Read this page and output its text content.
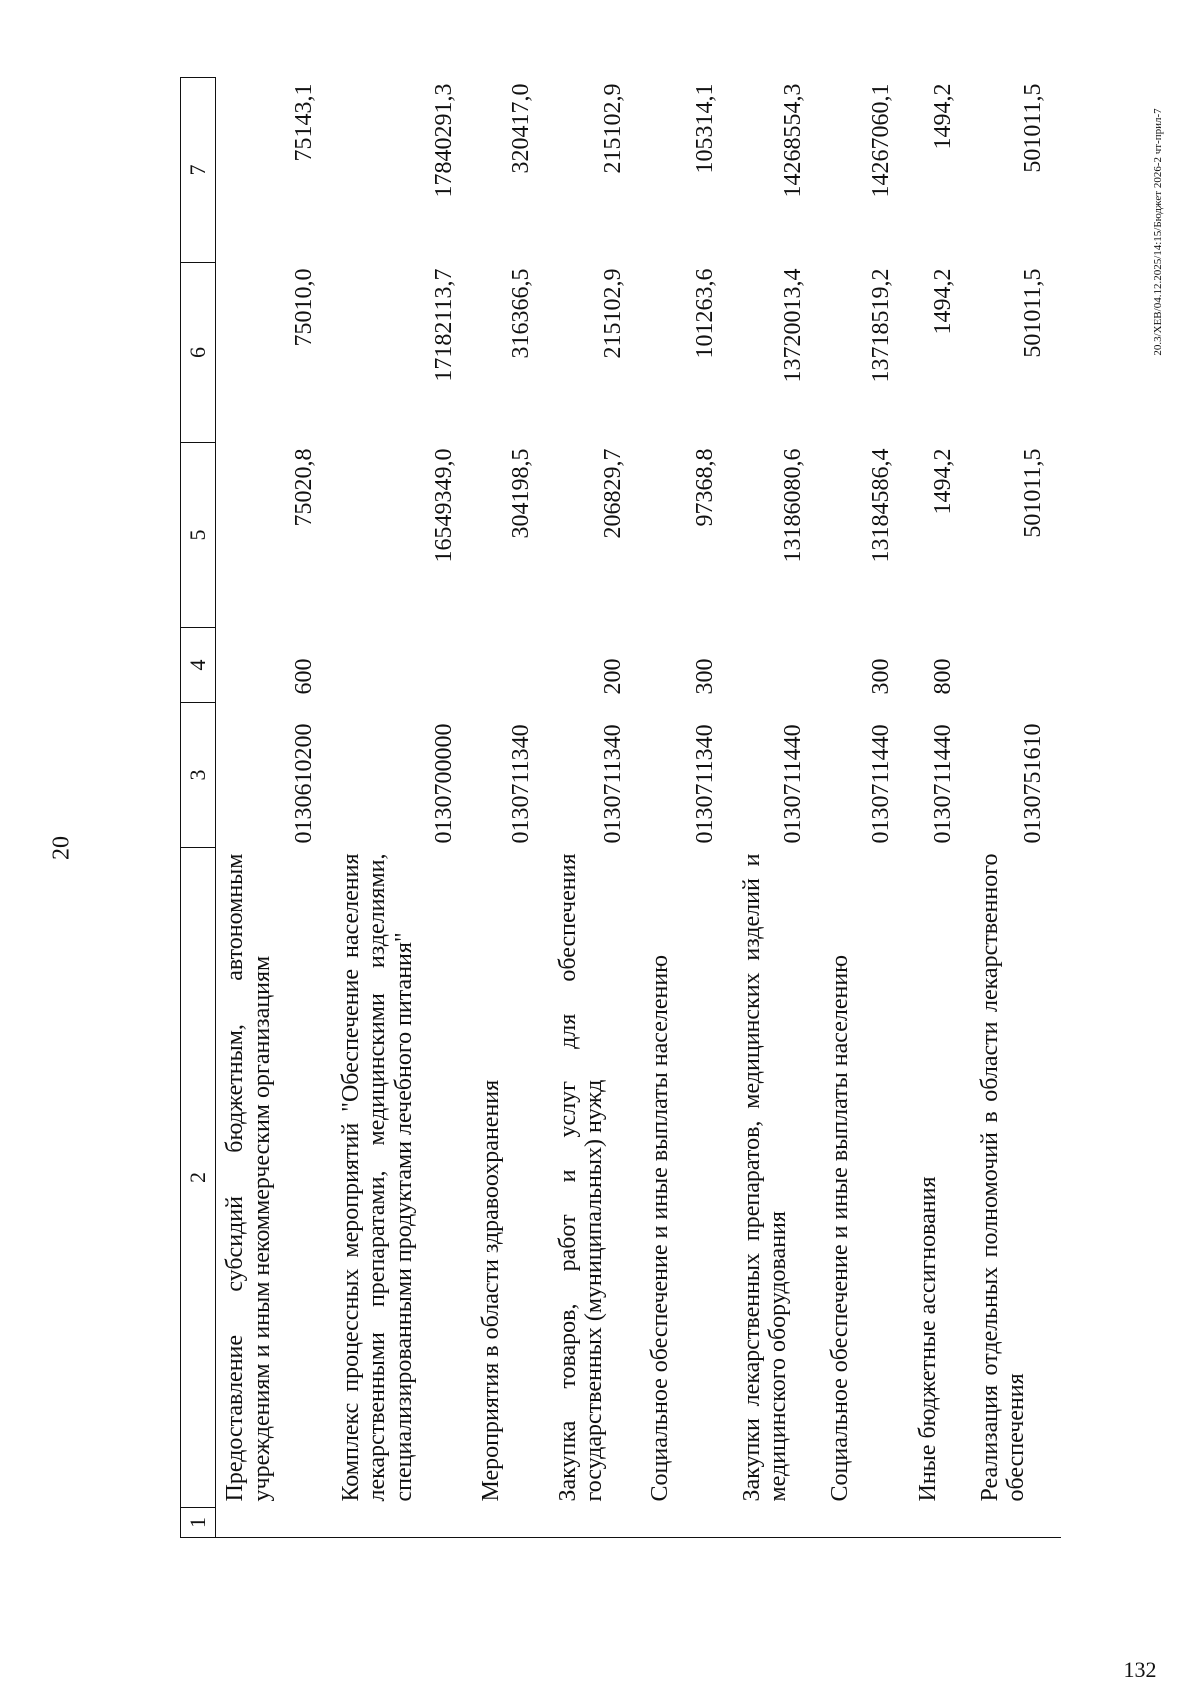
20
20.3/ХЕВ/04.12.2025/14:15/Бюджет 2026-2 чт-прил-7
132
1	2	3	4	5	6	7
	Предоставление субсидий бюджетным, автономным учреждениям и иным некоммерческим организациям	0130610200	600	75020,8	75010,0	75143,1
	Комплекс процессных мероприятий "Обеспечение населения лекарственными препаратами, медицинскими изделиями, специализированными продуктами лечебного питания"	0130700000		16549349,0	17182113,7	17840291,3
	Мероприятия в области здравоохранения	0130711340		304198,5	316366,5	320417,0
	Закупка товаров, работ и услуг для обеспечения государственных (муниципальных) нужд	0130711340	200	206829,7	215102,9	215102,9
	Социальное обеспечение и иные выплаты населению	0130711340	300	97368,8	101263,6	105314,1
	Закупки лекарственных препаратов, медицинских изделий и медицинского оборудования	0130711440		13186080,6	13720013,4	14268554,3
	Социальное обеспечение и иные выплаты населению	0130711440	300	13184586,4	13718519,2	14267060,1
	Иные бюджетные ассигнования	0130711440	800	1494,2	1494,2	1494,2
	Реализация отдельных полномочий в области лекарственного обеспечения	0130751610		501011,5	501011,5	501011,5
